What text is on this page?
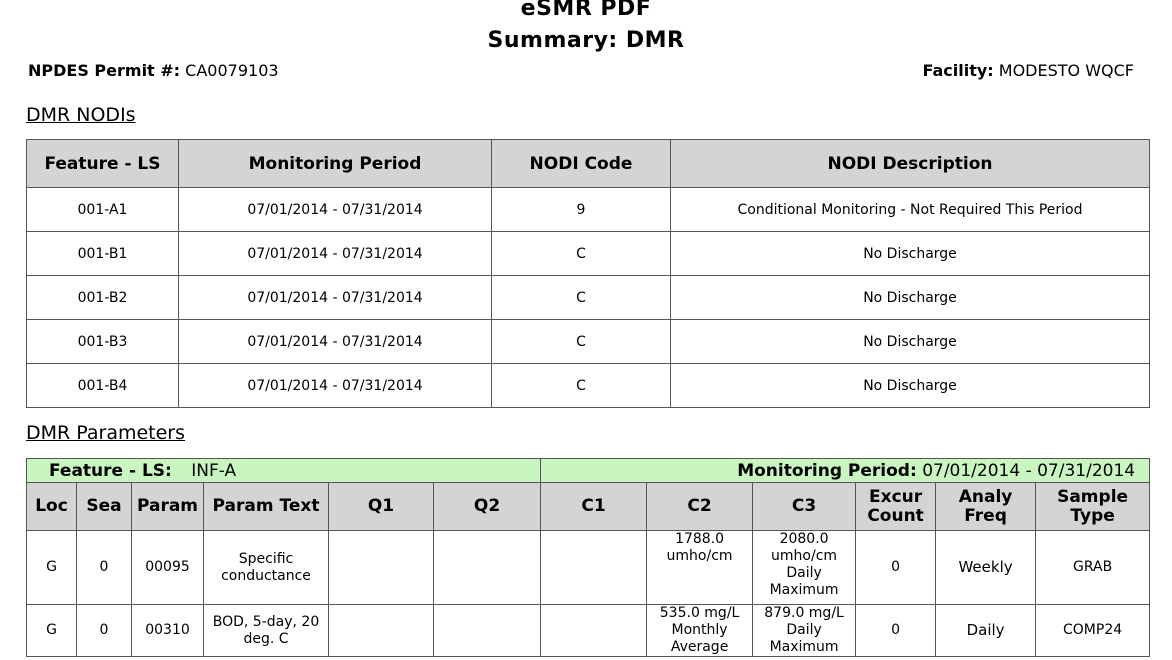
eSMR PDF
Summary: DMR
NPDES Permit #: CA0079103	Facility: MODESTO WQCF
DMR NODIs
Feature - LS	Monitoring Period	NODI Code	NODI Description
001-A1	07/01/2014 - 07/31/2014	9	Conditional Monitoring - Not Required This Period
001-B1	07/01/2014 - 07/31/2014	C	No Discharge
001-B2	07/01/2014 - 07/31/2014	C	No Discharge
001-B3	07/01/2014 - 07/31/2014	C	No Discharge
001-B4	07/01/2014 - 07/31/2014	C	No Discharge
DMR Parameters
Feature - LS: INF-A						Monitoring Period: 07/01/2014 - 07/31/2014					
Loc	Sea	Param	Param Text	Q1	Q2	C1	C2	C3	Excur Count	Analy Freq	Sample Type
G	0	00095	Specific conductance				1788.0 umho/cm	2080.0 umho/cm Daily Maximum	0	Weekly	GRAB
G	0	00310	BOD, 5-day, 20 deg. C				535.0 mg/L Monthly Average	879.0 mg/L Daily Maximum	0	Daily	COMP24
